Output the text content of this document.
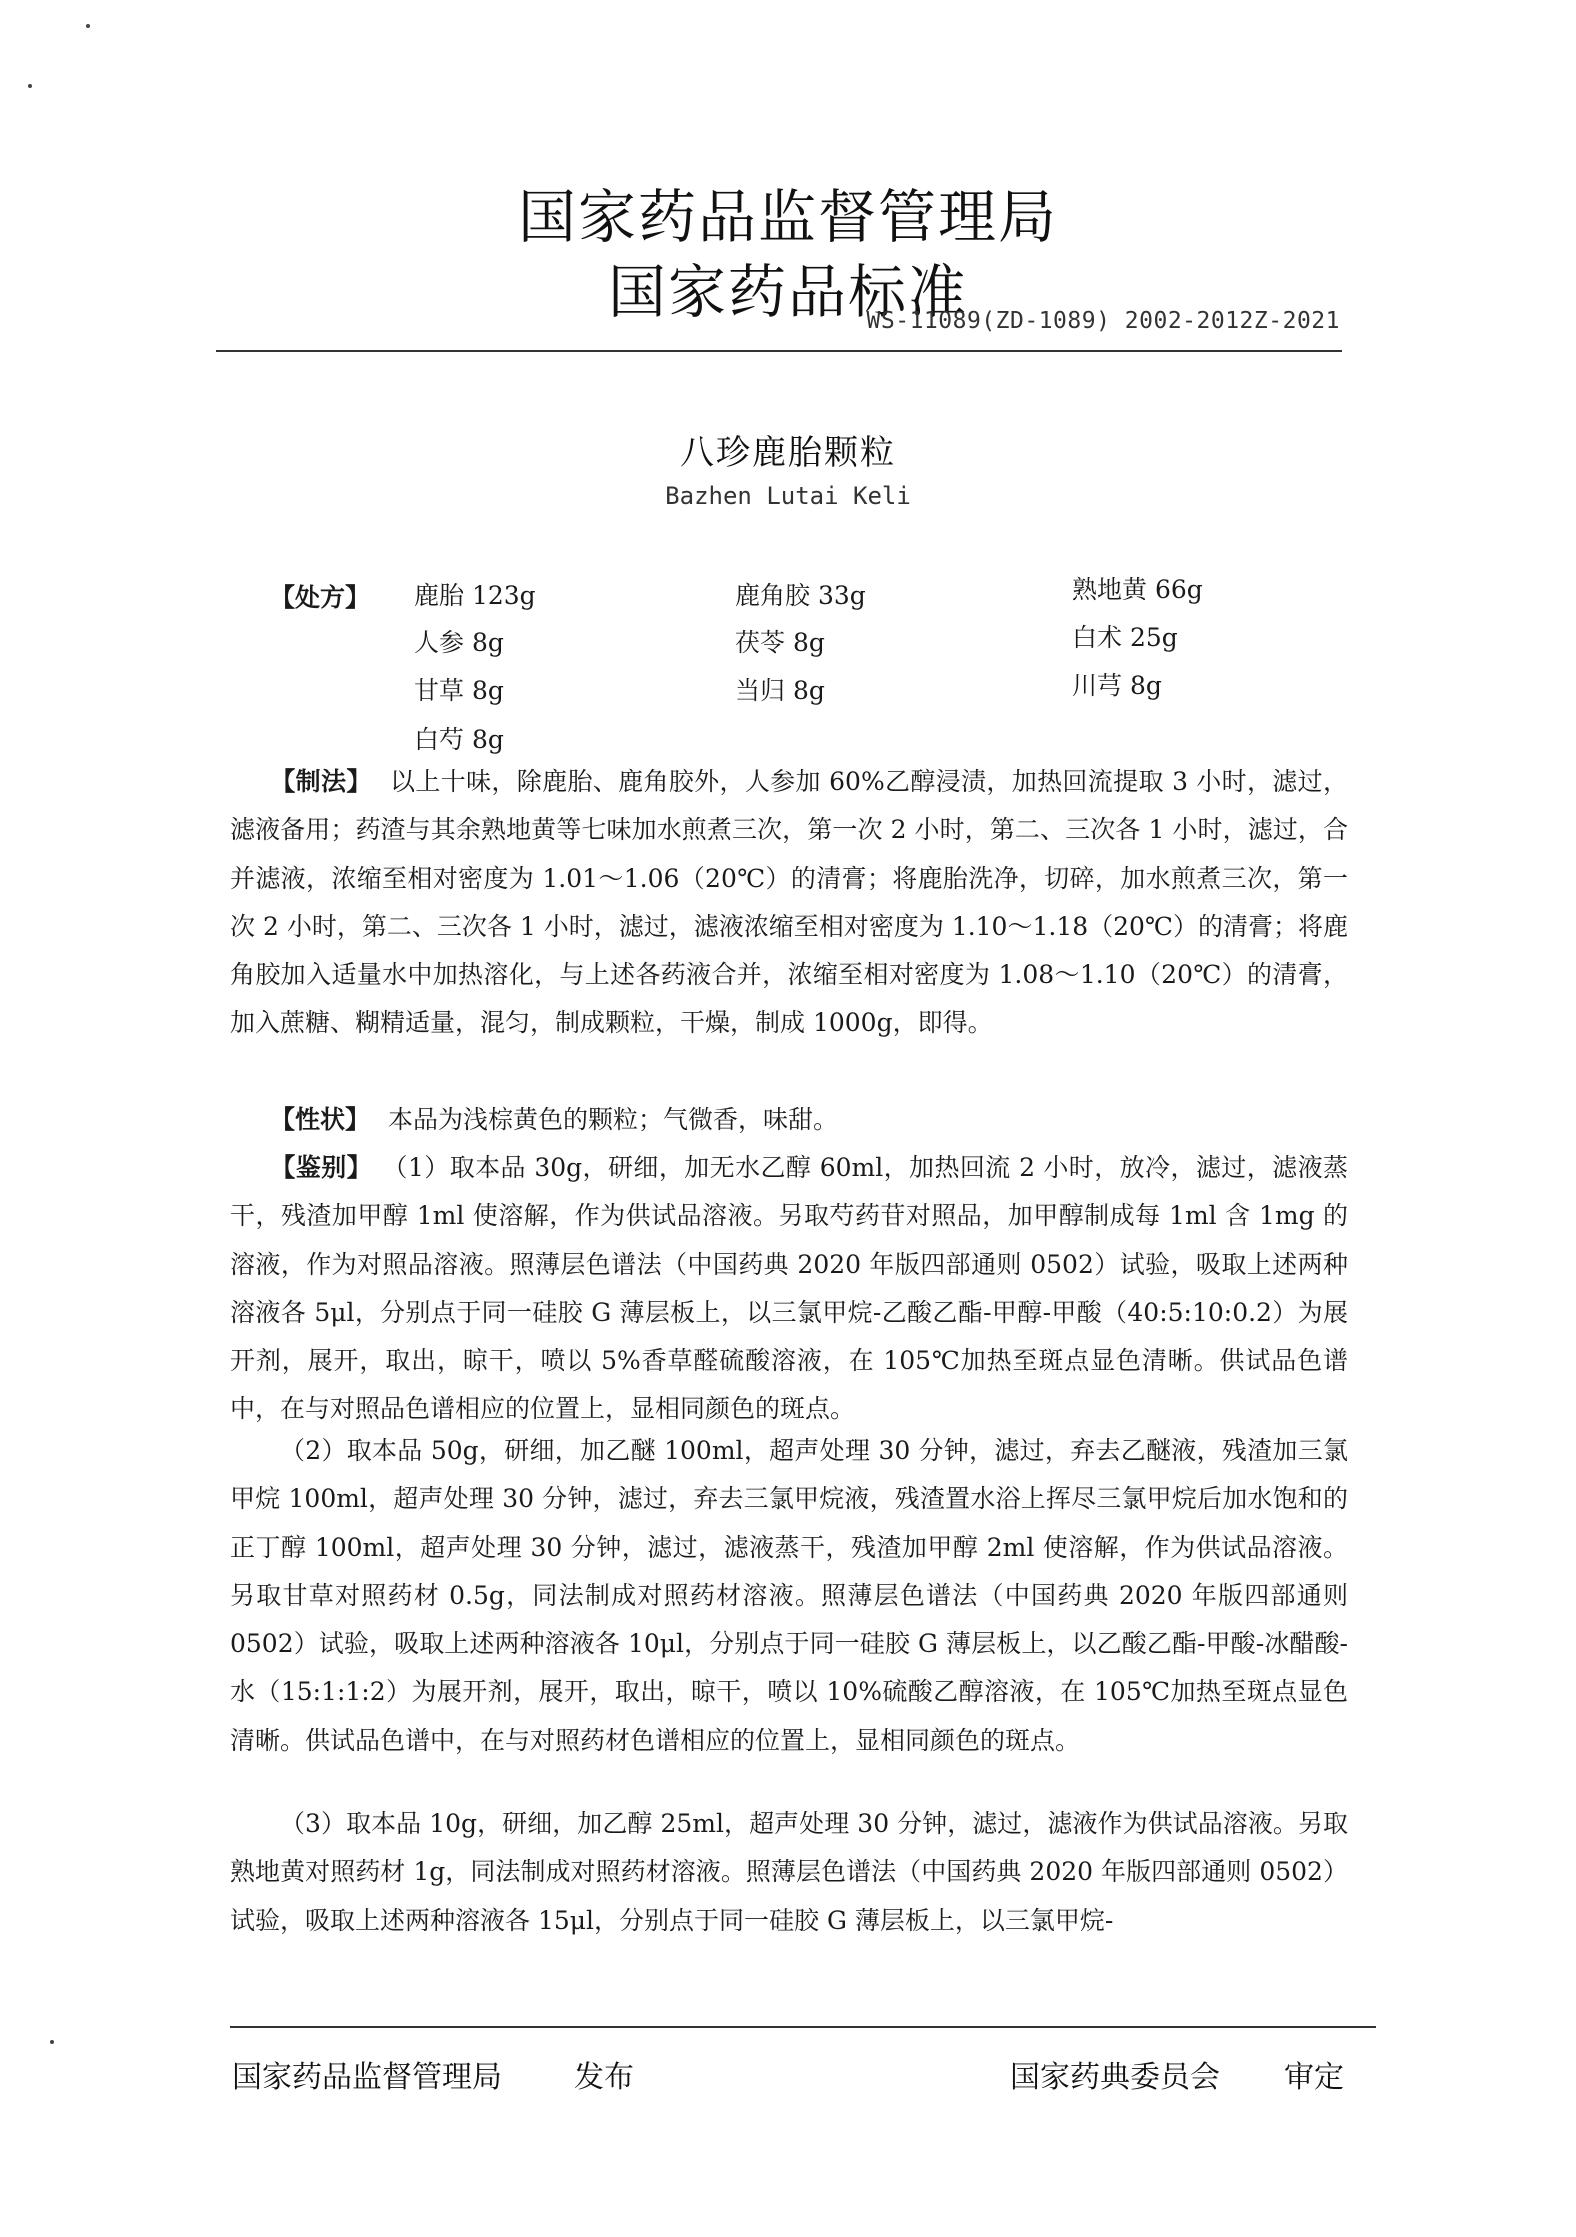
国家药品监督管理局
国家药品标准
WS-11089(ZD-1089) 2002-2012Z-2021
八珍鹿胎颗粒
Bazhen Lutai Keli
【处方】 鹿胎 123g	鹿角胶 33g	熟地黄 66g
人参 8g	茯苓 8g	白术 25g
甘草 8g	当归 8g	川芎 8g
白芍 8g
【制法】 以上十味，除鹿胎、鹿角胶外，人参加 60%乙醇浸渍，加热回流提取 3 小时，滤过，滤液备用；药渣与其余熟地黄等七味加水煎煮三次，第一次 2 小时，第二、三次各 1 小时，滤过，合并滤液，浓缩至相对密度为 1.01～1.06（20℃）的清膏；将鹿胎洗净，切碎，加水煎煮三次，第一次 2 小时，第二、三次各 1 小时，滤过，滤液浓缩至相对密度为 1.10～1.18（20℃）的清膏；将鹿角胶加入适量水中加热溶化，与上述各药液合并，浓缩至相对密度为 1.08～1.10（20℃）的清膏，加入蔗糖、糊精适量，混匀，制成颗粒，干燥，制成 1000g，即得。
【性状】 本品为浅棕黄色的颗粒；气微香，味甜。
【鉴别】 （1）取本品 30g，研细，加无水乙醇 60ml，加热回流 2 小时，放冷，滤过，滤液蒸干，残渣加甲醇 1ml 使溶解，作为供试品溶液。另取芍药苷对照品，加甲醇制成每 1ml 含 1mg 的溶液，作为对照品溶液。照薄层色谱法（中国药典 2020 年版四部通则 0502）试验，吸取上述两种溶液各 5μl，分别点于同一硅胶 G 薄层板上，以三氯甲烷-乙酸乙酯-甲醇-甲酸（40:5:10:0.2）为展开剂，展开，取出，晾干，喷以 5%香草醛硫酸溶液，在 105℃加热至斑点显色清晰。供试品色谱中，在与对照品色谱相应的位置上，显相同颜色的斑点。
（2）取本品 50g，研细，加乙醚 100ml，超声处理 30 分钟，滤过，弃去乙醚液，残渣加三氯甲烷 100ml，超声处理 30 分钟，滤过，弃去三氯甲烷液，残渣置水浴上挥尽三氯甲烷后加水饱和的正丁醇 100ml，超声处理 30 分钟，滤过，滤液蒸干，残渣加甲醇 2ml 使溶解，作为供试品溶液。另取甘草对照药材 0.5g，同法制成对照药材溶液。照薄层色谱法（中国药典 2020 年版四部通则 0502）试验，吸取上述两种溶液各 10μl，分别点于同一硅胶 G 薄层板上，以乙酸乙酯-甲酸-冰醋酸-水（15:1:1:2）为展开剂，展开，取出，晾干，喷以 10%硫酸乙醇溶液，在 105℃加热至斑点显色清晰。供试品色谱中，在与对照药材色谱相应的位置上，显相同颜色的斑点。
（3）取本品 10g，研细，加乙醇 25ml，超声处理 30 分钟，滤过，滤液作为供试品溶液。另取熟地黄对照药材 1g，同法制成对照药材溶液。照薄层色谱法（中国药典 2020 年版四部通则 0502）试验，吸取上述两种溶液各 15μl，分别点于同一硅胶 G 薄层板上，以三氯甲烷-
国家药品监督管理局 发布	国家药典委员会 审定
